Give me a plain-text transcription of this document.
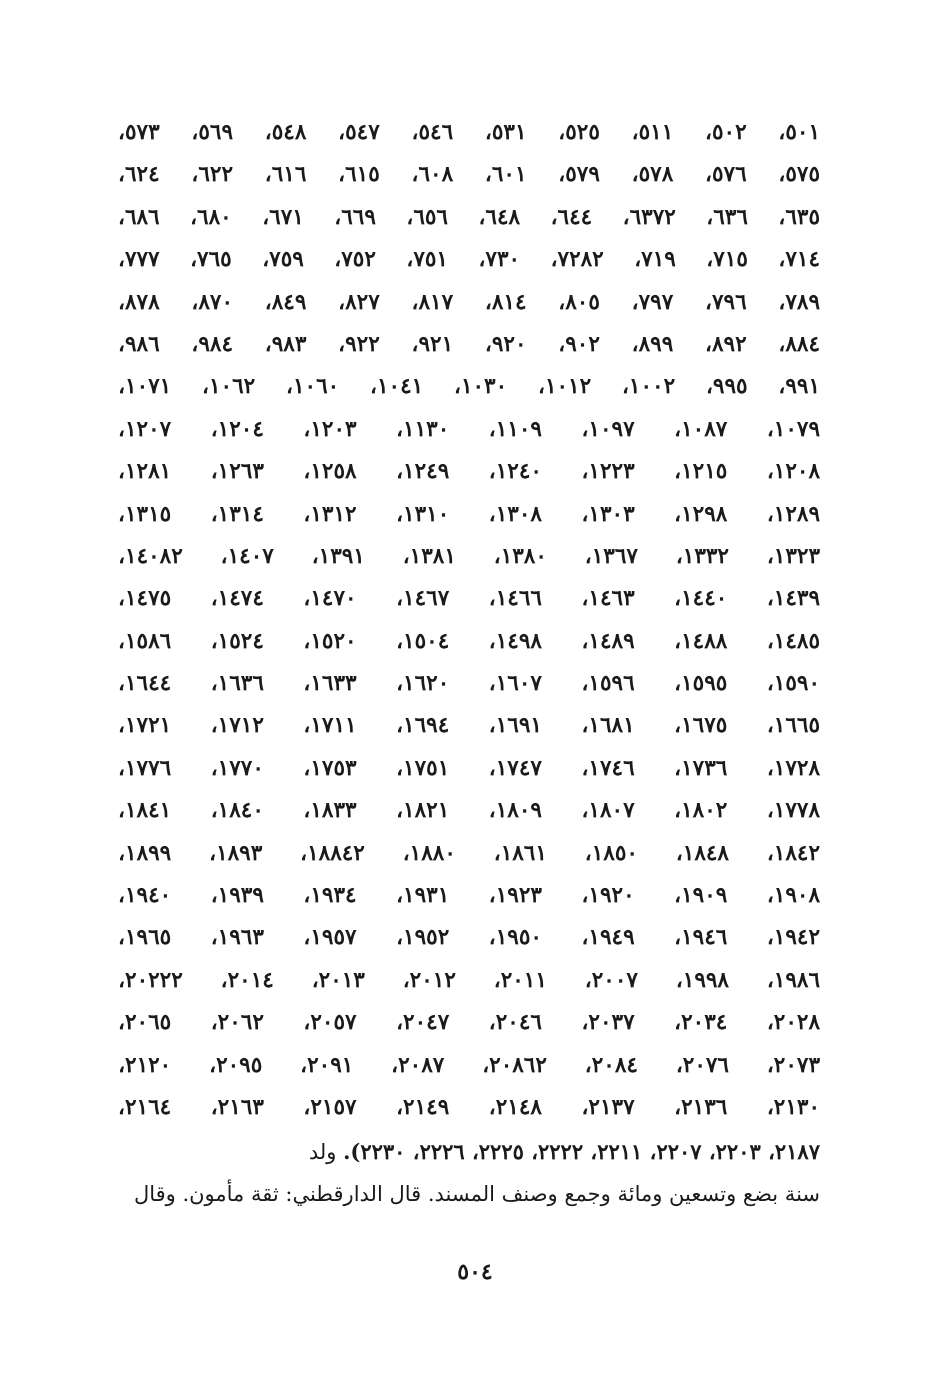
٥٠١،
٥٠٢،
٥١١،
٥٢٥،
٥٣١،
٥٤٦،
٥٤٧،
٥٤٨،
٥٦٩،
٥٧٣،
٥٧٥،
٥٧٦،
٥٧٨،
٥٧٩،
٦٠١،
٦٠٨،
٦١٥،
٦١٦،
٦٢٢،
٦٢٤،
٦٣٥،
٦٣٦،
٦٣٧٢،
٦٤٤،
٦٤٨،
٦٥٦،
٦٦٩،
٦٧١،
٦٨٠،
٦٨٦،
٧١٤،
٧١٥،
٧١٩،
٧٢٨٢،
٧٣٠،
٧٥١،
٧٥٢،
٧٥٩،
٧٦٥،
٧٧٧،
٧٨٩،
٧٩٦،
٧٩٧،
٨٠٥،
٨١٤،
٨١٧،
٨٢٧،
٨٤٩،
٨٧٠،
٨٧٨،
٨٨٤،
٨٩٢،
٨٩٩،
٩٠٢،
٩٢٠،
٩٢١،
٩٢٢،
٩٨٣،
٩٨٤،
٩٨٦،
٩٩١،
٩٩٥،
١٠٠٢،
١٠١٢،
١٠٣٠،
١٠٤١،
١٠٦٠،
١٠٦٢،
١٠٧١،
١٠٧٩،
١٠٨٧،
١٠٩٧،
١١٠٩،
١١٣٠،
١٢٠٣،
١٢٠٤،
١٢٠٧،
١٢٠٨،
١٢١٥،
١٢٢٣،
١٢٤٠،
١٢٤٩،
١٢٥٨،
١٢٦٣،
١٢٨١،
١٢٨٩،
١٢٩٨،
١٣٠٣،
١٣٠٨،
١٣١٠،
١٣١٢،
١٣١٤،
١٣١٥،
١٣٢٣،
١٣٣٢،
١٣٦٧،
١٣٨٠،
١٣٨١،
١٣٩١،
١٤٠٧،
١٤٠٨٢،
١٤٣٩،
١٤٤٠،
١٤٦٣،
١٤٦٦،
١٤٦٧،
١٤٧٠،
١٤٧٤،
١٤٧٥،
١٤٨٥،
١٤٨٨،
١٤٨٩،
١٤٩٨،
١٥٠٤،
١٥٢٠،
١٥٢٤،
١٥٨٦،
١٥٩٠،
١٥٩٥،
١٥٩٦،
١٦٠٧،
١٦٢٠،
١٦٣٣،
١٦٣٦،
١٦٤٤،
١٦٦٥،
١٦٧٥،
١٦٨١،
١٦٩١،
١٦٩٤،
١٧١١،
١٧١٢،
١٧٢١،
١٧٢٨،
١٧٣٦،
١٧٤٦،
١٧٤٧،
١٧٥١،
١٧٥٣،
١٧٧٠،
١٧٧٦،
١٧٧٨،
١٨٠٢،
١٨٠٧،
١٨٠٩،
١٨٢١،
١٨٣٣،
١٨٤٠،
١٨٤١،
١٨٤٢،
١٨٤٨،
١٨٥٠،
١٨٦١،
١٨٨٠،
١٨٨٤٢،
١٨٩٣،
١٨٩٩،
١٩٠٨،
١٩٠٩،
١٩٢٠،
١٩٢٣،
١٩٣١،
١٩٣٤،
١٩٣٩،
١٩٤٠،
١٩٤٢،
١٩٤٦،
١٩٤٩،
١٩٥٠،
١٩٥٢،
١٩٥٧،
١٩٦٣،
١٩٦٥،
١٩٨٦،
١٩٩٨،
٢٠٠٧،
٢٠١١،
٢٠١٢،
٢٠١٣،
٢٠١٤،
٢٠٢٢٢،
٢٠٢٨،
٢٠٣٤،
٢٠٣٧،
٢٠٤٦،
٢٠٤٧،
٢٠٥٧،
٢٠٦٢،
٢٠٦٥،
٢٠٧٣،
٢٠٧٦،
٢٠٨٤،
٢٠٨٦٢،
٢٠٨٧،
٢٠٩١،
٢٠٩٥،
٢١٢٠،
٢١٣٠،
٢١٣٦،
٢١٣٧،
٢١٤٨،
٢١٤٩،
٢١٥٧،
٢١٦٣،
٢١٦٤،

٢١٨٧، ٢٢٠٣، ٢٢٠٧، ٢٢١١، ٢٢٢٢، ٢٢٢٥، ٢٢٢٦، ٢٢٣٠). ولد

سنة بضع وتسعين ومائة وجمع وصنف المسند. قال الدارقطني: ثقة مأمون. وقال

٥٠٤
